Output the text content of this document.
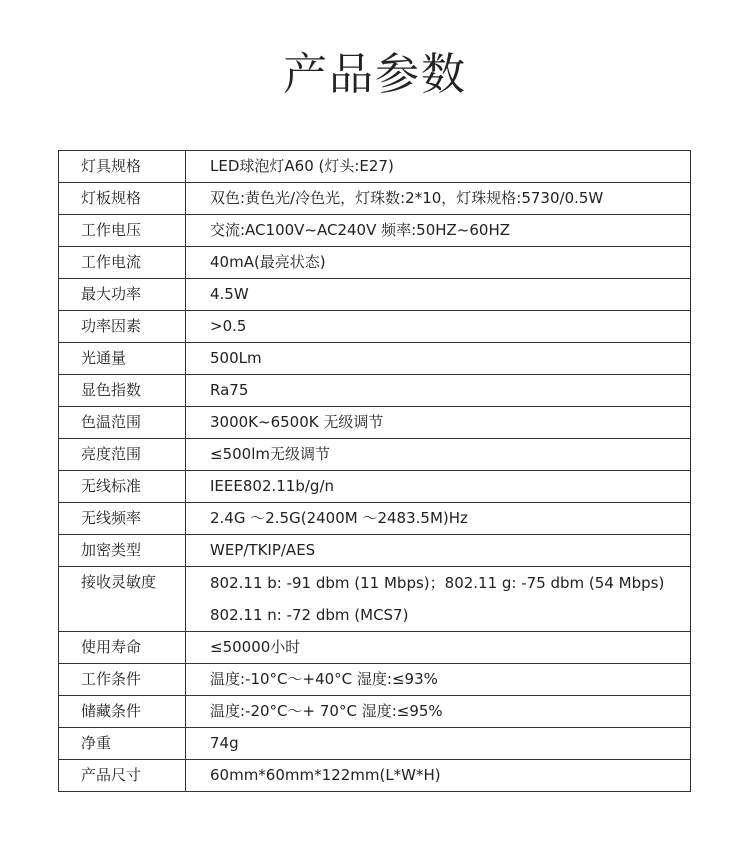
产品参数
灯具规格	LED球泡灯A60 (灯头:E27)
灯板规格	双色:黄色光/冷色光，灯珠数:2*10，灯珠规格:5730/0.5W
工作电压	交流:AC100V~AC240V 频率:50HZ~60HZ
工作电流	40mA(最亮状态)
最大功率	4.5W
功率因素	>0.5
光通量	500Lm
显色指数	Ra75
色温范围	3000K~6500K 无级调节
亮度范围	≤500lm无级调节
无线标准	IEEE802.11b/g/n
无线频率	2.4G ～2.5G(2400M ～2483.5M)Hz
加密类型	WEP/TKIP/AES
接收灵敏度	802.11 b: -91 dbm (11 Mbps)；802.11 g: -75 dbm (54 Mbps)
802.11 n: -72 dbm (MCS7)

使用寿命	≤50000小时
工作条件	温度:-10°C～+40°C 湿度:≤93%
储藏条件	温度:-20°C～+ 70°C 湿度:≤95%
净重	74g
产品尺寸	60mm*60mm*122mm(L*W*H)
